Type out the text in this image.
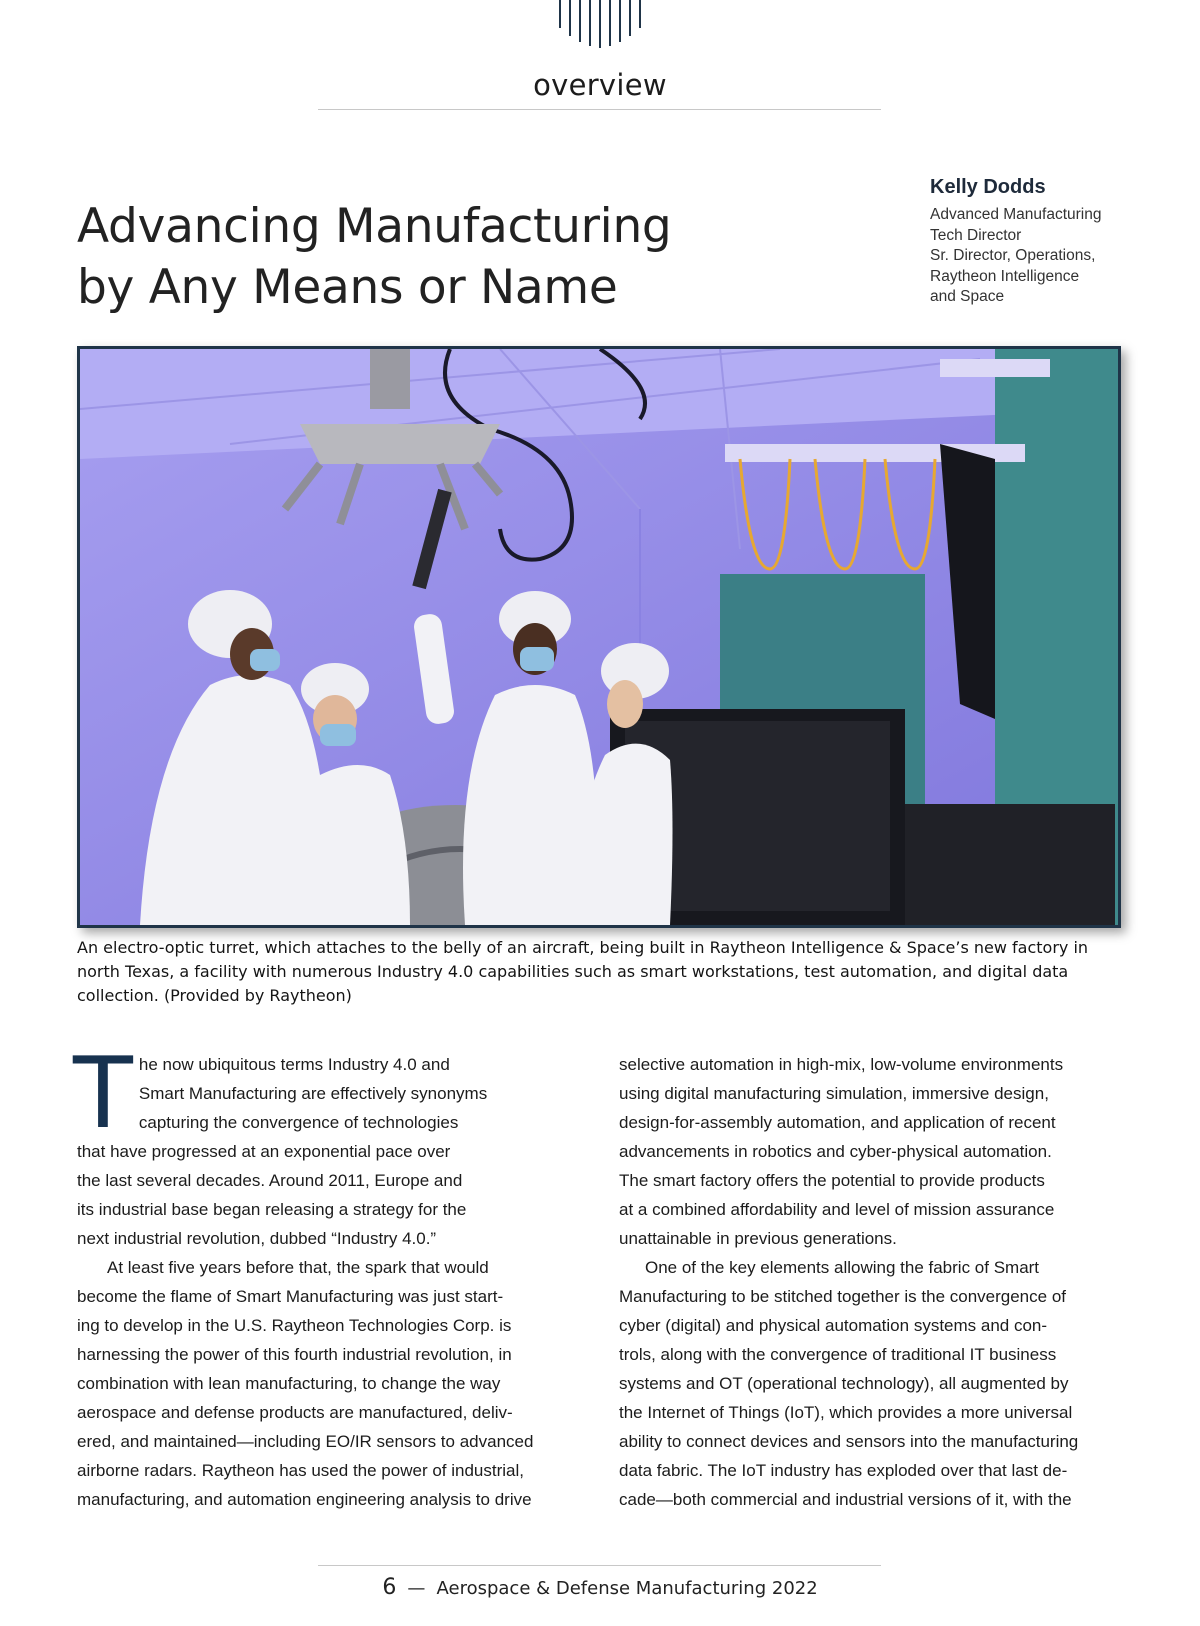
overview
Advancing Manufacturing
by Any Means or Name
Kelly Dodds
Advanced Manufacturing
Tech Director
Sr. Director, Operations,
Raytheon Intelligence
and Space
An electro-optic turret, which attaches to the belly of an aircraft, being built in Raytheon Intelligence & Space’s new factory in north Texas, a facility with numerous Industry 4.0 capabilities such as smart workstations, test automation, and digital data collection. (Provided by Raytheon)

T he now ubiquitous terms Industry 4.0 and
Smart Manufacturing are effectively synonyms
capturing the convergence of technologies
that have progressed at an exponential pace over
the last several decades. Around 2011, Europe and
its industrial base began releasing a strategy for the
next industrial revolution, dubbed “Industry 4.0.”

At least five years before that, the spark that would
become the flame of Smart Manufacturing was just start-
ing to develop in the U.S. Raytheon Technologies Corp. is
harnessing the power of this fourth industrial revolution, in
combination with lean manufacturing, to change the way
aerospace and defense products are manufactured, deliv-
ered, and maintained—including EO/IR sensors to advanced
airborne radars. Raytheon has used the power of industrial,
manufacturing, and automation engineering analysis to drive

selective automation in high-mix, low-volume environments
using digital manufacturing simulation, immersive design,
design-for-assembly automation, and application of recent
advancements in robotics and cyber-physical automation.
The smart factory offers the potential to provide products
at a combined affordability and level of mission assurance
unattainable in previous generations.

One of the key elements allowing the fabric of Smart
Manufacturing to be stitched together is the convergence of
cyber (digital) and physical automation systems and con-
trols, along with the convergence of traditional IT business
systems and OT (operational technology), all augmented by
the Internet of Things (IoT), which provides a more universal
ability to connect devices and sensors into the manufacturing
data fabric. The IoT industry has exploded over that last de-
cade—both commercial and industrial versions of it, with the

6 — Aerospace & Defense Manufacturing 2022
